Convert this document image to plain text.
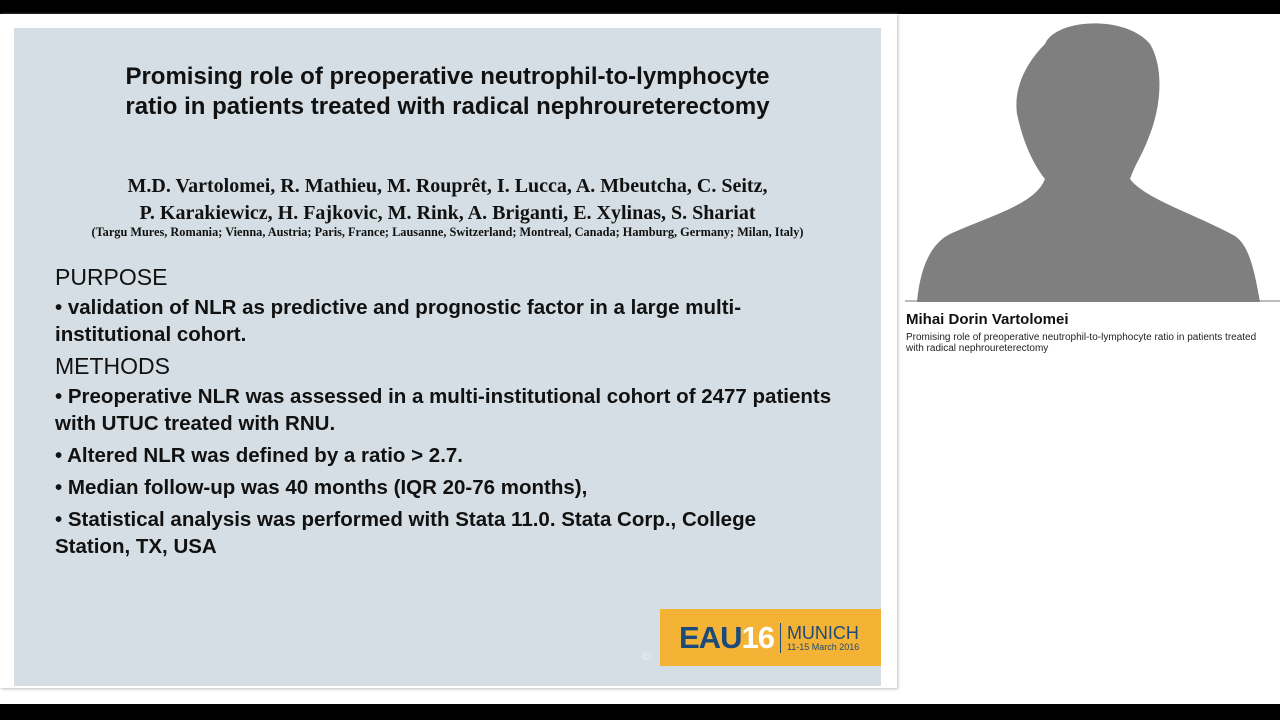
Promising role of preoperative neutrophil-to-lymphocyte ratio in patients treated with radical nephroureterectomy
M.D. Vartolomei, R. Mathieu, M. Rouprêt, I. Lucca, A. Mbeutcha, C. Seitz,
P. Karakiewicz, H. Fajkovic, M. Rink, A. Briganti, E. Xylinas, S. Shariat
(Targu Mures, Romania; Vienna, Austria; Paris, France; Lausanne, Switzerland; Montreal, Canada; Hamburg, Germany; Milan, Italy)
PURPOSE
• validation of NLR as predictive and prognostic factor in a large multi-institutional cohort.
METHODS
• Preoperative NLR was assessed in a multi-institutional cohort of 2477 patients with UTUC treated with RNU.
• Altered NLR was defined by a ratio > 2.7.
• Median follow-up was 40 months (IQR 20-76 months),
• Statistical analysis was performed with Stata 11.0. Stata Corp., College Station, TX, USA
©
EAU16 MUNICH
11-15 March 2016
Mihai Dorin Vartolomei
Promising role of preoperative neutrophil-to-lymphocyte ratio in patients treated with radical nephroureterectomy
